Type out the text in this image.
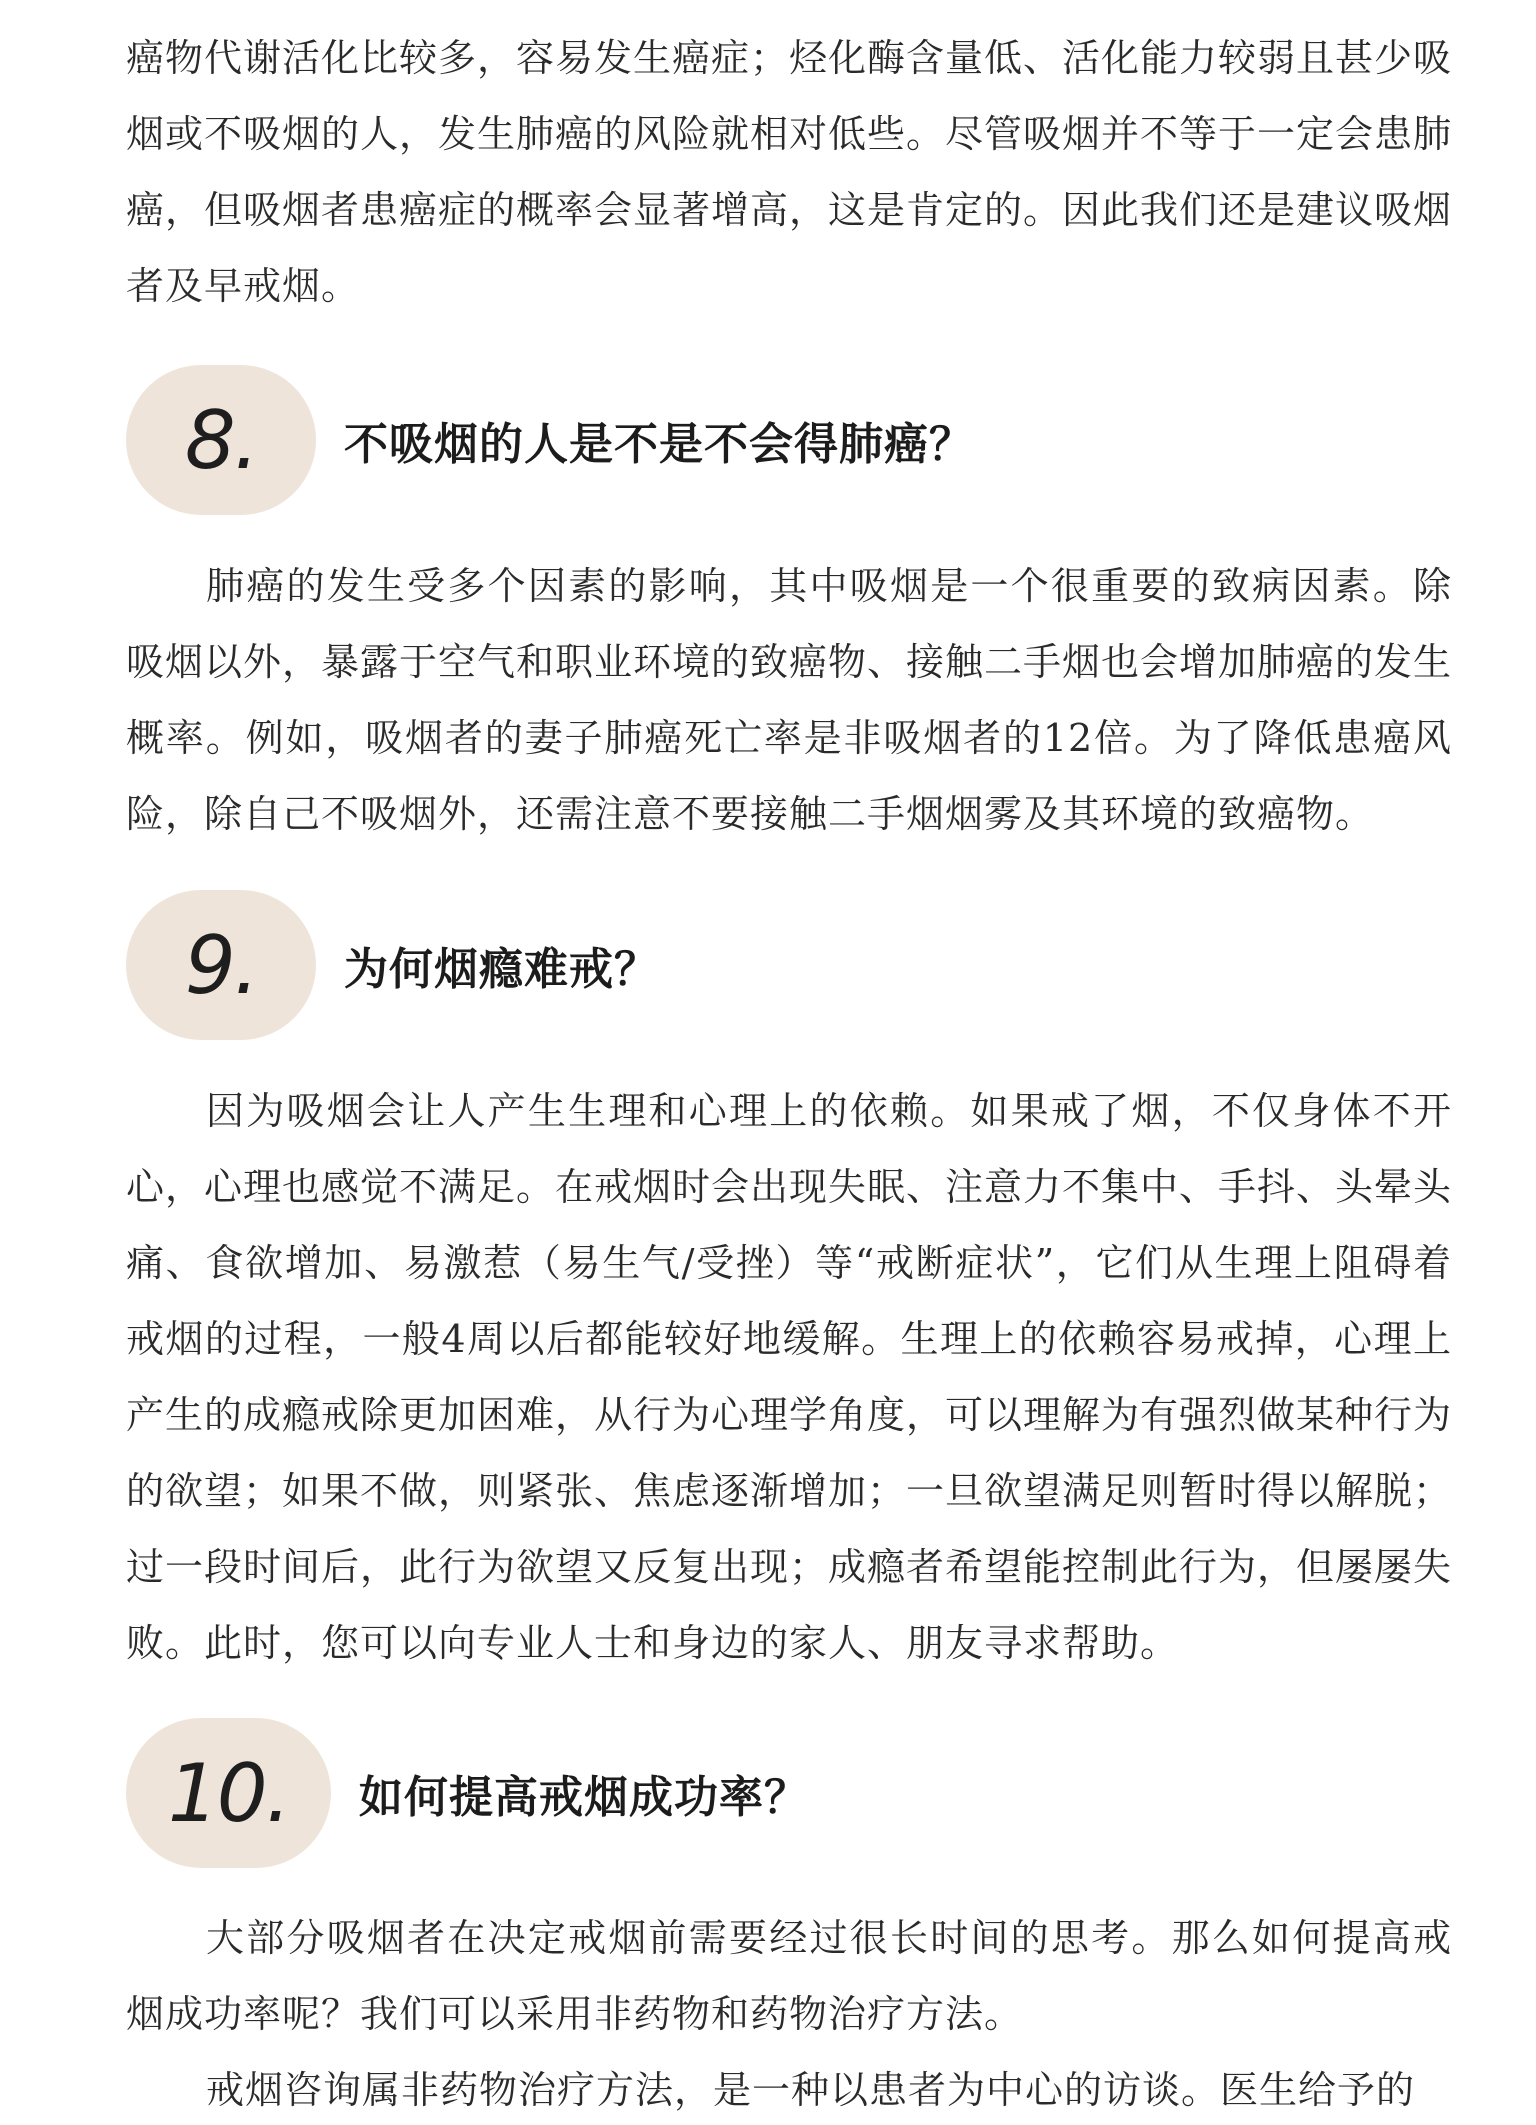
癌物代谢活化比较多，容易发生癌症；烃化酶含量低、活化能力较弱且甚少吸烟或不吸烟的人，发生肺癌的风险就相对低些。尽管吸烟并不等于一定会患肺癌，但吸烟者患癌症的概率会显著增高，这是肯定的。因此我们还是建议吸烟者及早戒烟。

8. 不吸烟的人是不是不会得肺癌？

肺癌的发生受多个因素的影响，其中吸烟是一个很重要的致病因素。除吸烟以外，暴露于空气和职业环境的致癌物、接触二手烟也会增加肺癌的发生概率。例如，吸烟者的妻子肺癌死亡率是非吸烟者的12倍。为了降低患癌风险，除自己不吸烟外，还需注意不要接触二手烟烟雾及其环境的致癌物。

9. 为何烟瘾难戒？

因为吸烟会让人产生生理和心理上的依赖。如果戒了烟，不仅身体不开心，心理也感觉不满足。在戒烟时会出现失眠、注意力不集中、手抖、头晕头痛、食欲增加、易激惹（易生气/受挫）等“戒断症状”，它们从生理上阻碍着戒烟的过程，一般4周以后都能较好地缓解。生理上的依赖容易戒掉，心理上产生的成瘾戒除更加困难，从行为心理学角度，可以理解为有强烈做某种行为的欲望；如果不做，则紧张、焦虑逐渐增加；一旦欲望满足则暂时得以解脱；过一段时间后，此行为欲望又反复出现；成瘾者希望能控制此行为，但屡屡失败。此时，您可以向专业人士和身边的家人、朋友寻求帮助。

10. 如何提高戒烟成功率？

大部分吸烟者在决定戒烟前需要经过很长时间的思考。那么如何提高戒烟成功率呢？我们可以采用非药物和药物治疗方法。

戒烟咨询属非药物治疗方法，是一种以患者为中心的访谈。医生给予的
